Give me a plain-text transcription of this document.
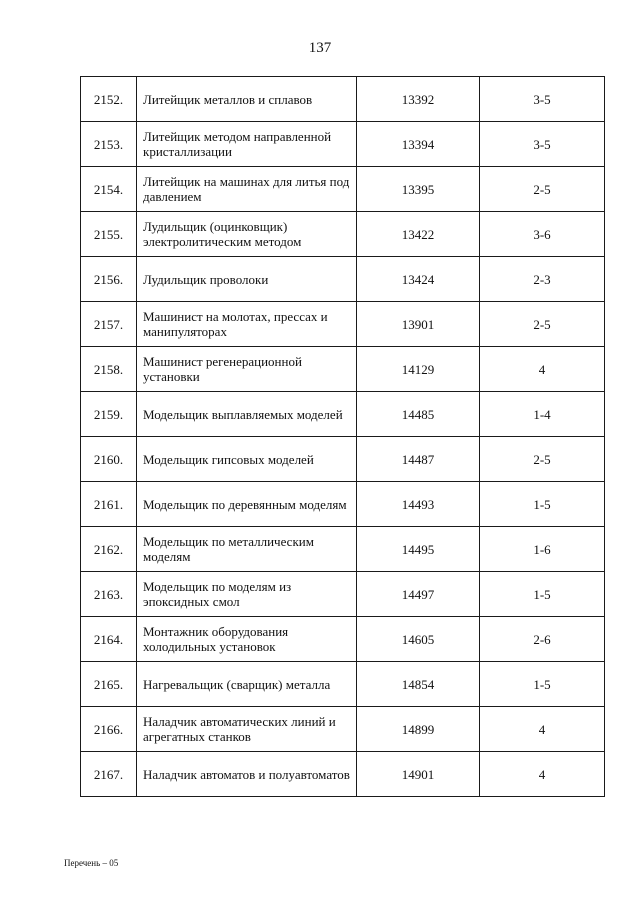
137
2152.	Литейщик металлов и сплавов	13392	3-5
2153.	Литейщик методом направленной кристаллизации	13394	3-5
2154.	Литейщик на машинах для литья под давлением	13395	2-5
2155.	Лудильщик (оцинковщик) электролитическим методом	13422	3-6
2156.	Лудильщик проволоки	13424	2-3
2157.	Машинист на молотах, прессах и манипуляторах	13901	2-5
2158.	Машинист регенерационной установки	14129	4
2159.	Модельщик выплавляемых моделей	14485	1-4
2160.	Модельщик гипсовых моделей	14487	2-5
2161.	Модельщик по деревянным моделям	14493	1-5
2162.	Модельщик по металлическим моделям	14495	1-6
2163.	Модельщик по моделям из эпоксидных смол	14497	1-5
2164.	Монтажник оборудования холодильных установок	14605	2-6
2165.	Нагревальщик (сварщик) металла	14854	1-5
2166.	Наладчик автоматических линий и агрегатных станков	14899	4
2167.	Наладчик автоматов и полуавтоматов	14901	4
Перечень – 05
